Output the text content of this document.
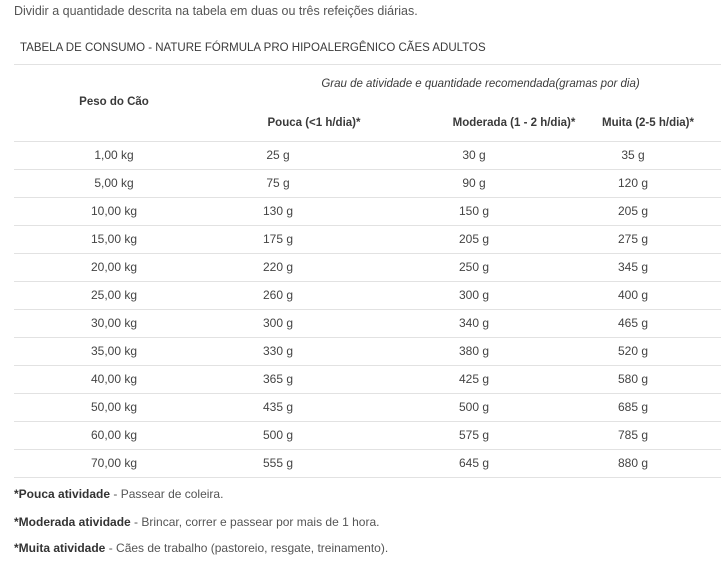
Dividir a quantidade descrita na tabela em duas ou três refeições diárias.
TABELA DE CONSUMO - NATURE FÓRMULA PRO HIPOALERGÊNICO CÃES ADULTOS
Grau de atividade e quantidade recomendada(gramas por dia)
Peso do Cão
Pouca (<1 h/dia)*	Moderada (1 - 2 h/dia)*	Muita (2-5 h/dia)*
1,00 kg	25 g	30 g	35 g
5,00 kg	75 g	90 g	120 g
10,00 kg	130 g	150 g	205 g
15,00 kg	175 g	205 g	275 g
20,00 kg	220 g	250 g	345 g
25,00 kg	260 g	300 g	400 g
30,00 kg	300 g	340 g	465 g
35,00 kg	330 g	380 g	520 g
40,00 kg	365 g	425 g	580 g
50,00 kg	435 g	500 g	685 g
60,00 kg	500 g	575 g	785 g
70,00 kg	555 g	645 g	880 g
*Pouca atividade - Passear de coleira.
*Moderada atividade - Brincar, correr e passear por mais de 1 hora.
*Muita atividade - Cães de trabalho (pastoreio, resgate, treinamento).
